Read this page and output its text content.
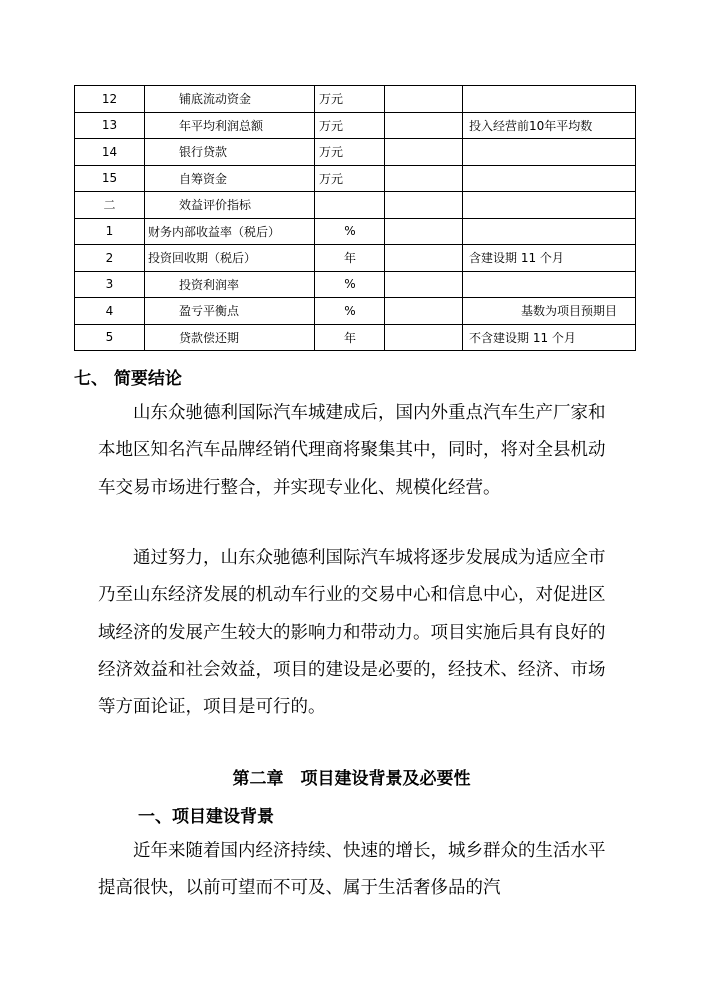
12	铺底流动资金	万元		
13	年平均利润总额	万元		投入经营前10年平均数
14	银行贷款	万元		
15	自筹资金	万元		
二	效益评价指标			
1	财务内部收益率（税后）	%		
2	投资回收期（税后）	年		含建设期 11 个月
3	投资利润率	%		
4	盈亏平衡点	%		基数为项目预期目
5	贷款偿还期	年		不含建设期 11 个月
七、 简要结论

山东众驰德利国际汽车城建成后，国内外重点汽车生产厂家和本地区知名汽车品牌经销代理商将聚集其中，同时，将对全县机动车交易市场进行整合，并实现专业化、规模化经营。

通过努力，山东众驰德利国际汽车城将逐步发展成为适应全市乃至山东经济发展的机动车行业的交易中心和信息中心，对促进区域经济的发展产生较大的影响力和带动力。项目实施后具有良好的经济效益和社会效益，项目的建设是必要的，经技术、经济、市场等方面论证，项目是可行的。

第二章　项目建设背景及必要性
一、项目建设背景

近年来随着国内经济持续、快速的增长，城乡群众的生活水平提高很快，以前可望而不可及、属于生活奢侈品的汽
